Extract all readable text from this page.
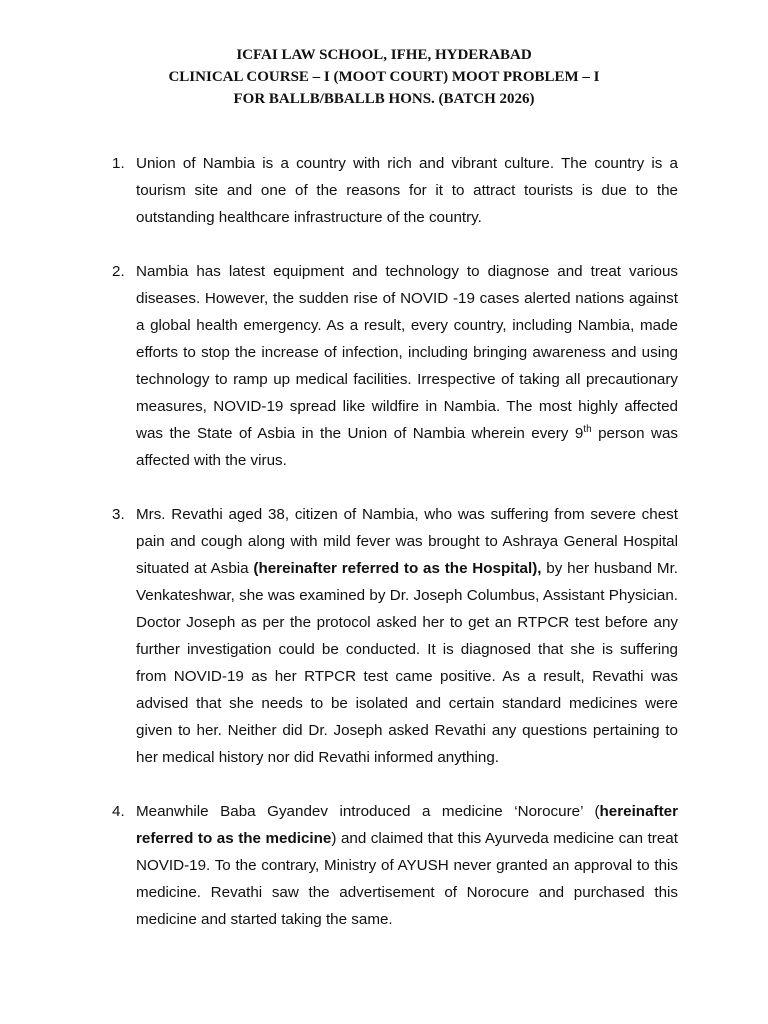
ICFAI LAW SCHOOL, IFHE, HYDERABAD
CLINICAL COURSE – I (MOOT COURT) MOOT PROBLEM – I
FOR BALLB/BBALLB HONS. (BATCH 2026)
1. Union of Nambia is a country with rich and vibrant culture. The country is a tourism site and one of the reasons for it to attract tourists is due to the outstanding healthcare infrastructure of the country.
2. Nambia has latest equipment and technology to diagnose and treat various diseases. However, the sudden rise of NOVID -19 cases alerted nations against a global health emergency. As a result, every country, including Nambia, made efforts to stop the increase of infection, including bringing awareness and using technology to ramp up medical facilities. Irrespective of taking all precautionary measures, NOVID-19 spread like wildfire in Nambia. The most highly affected was the State of Asbia in the Union of Nambia wherein every 9th person was affected with the virus.
3. Mrs. Revathi aged 38, citizen of Nambia, who was suffering from severe chest pain and cough along with mild fever was brought to Ashraya General Hospital situated at Asbia (hereinafter referred to as the Hospital), by her husband Mr. Venkateshwar, she was examined by Dr. Joseph Columbus, Assistant Physician. Doctor Joseph as per the protocol asked her to get an RTPCR test before any further investigation could be conducted. It is diagnosed that she is suffering from NOVID-19 as her RTPCR test came positive. As a result, Revathi was advised that she needs to be isolated and certain standard medicines were given to her. Neither did Dr. Joseph asked Revathi any questions pertaining to her medical history nor did Revathi informed anything.
4. Meanwhile Baba Gyandev introduced a medicine ‘Norocure’ (hereinafter referred to as the medicine) and claimed that this Ayurveda medicine can treat NOVID-19. To the contrary, Ministry of AYUSH never granted an approval to this medicine. Revathi saw the advertisement of Norocure and purchased this medicine and started taking the same.
